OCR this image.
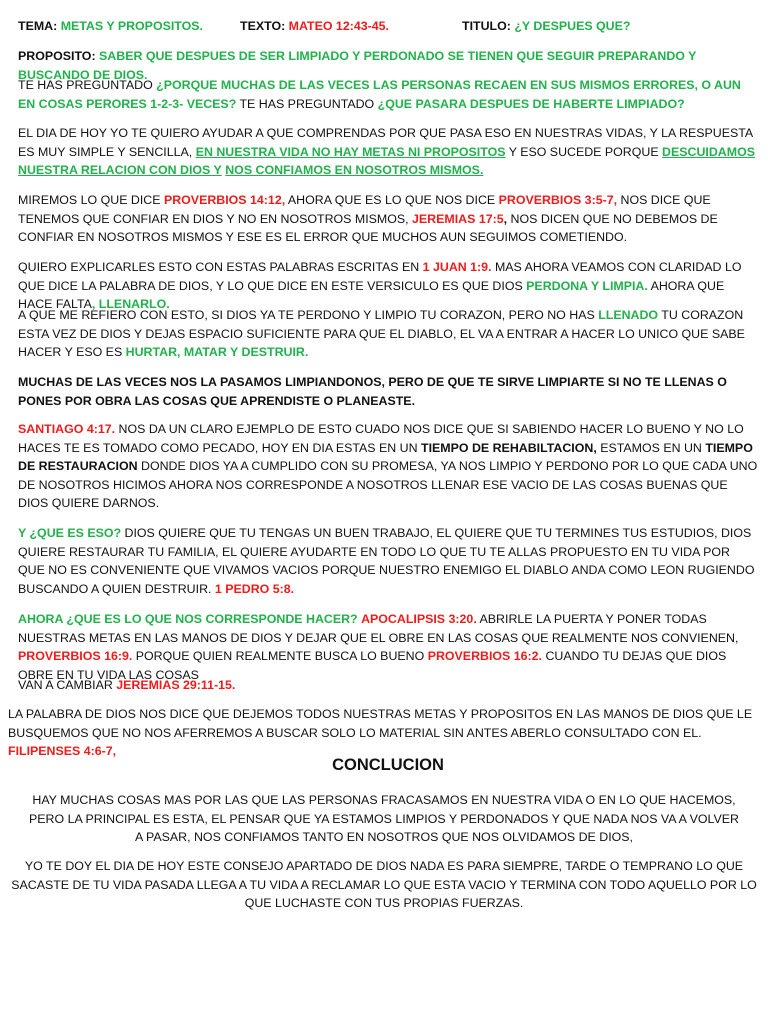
TEMA: METAS Y PROPOSITOS.	TEXTO: MATEO 12:43-45.	TITULO: ¿Y DESPUES QUE?

PROPOSITO: SABER QUE DESPUES DE SER LIMPIADO Y PERDONADO SE TIENEN QUE SEGUIR PREPARANDO Y BUSCANDO DE DIOS.

TE HAS PREGUNTADO ¿PORQUE MUCHAS DE LAS VECES LAS PERSONAS RECAEN EN SUS MISMOS ERRORES, O AUN EN COSAS PERORES 1-2-3- VECES? TE HAS PREGUNTADO ¿QUE PASARA DESPUES DE HABERTE LIMPIADO?

EL DIA DE HOY YO TE QUIERO AYUDAR A QUE COMPRENDAS POR QUE PASA ESO EN NUESTRAS VIDAS, Y LA RESPUESTA ES MUY SIMPLE Y SENCILLA, EN NUESTRA VIDA NO HAY METAS NI PROPOSITOS Y ESO SUCEDE PORQUE DESCUIDAMOS NUESTRA RELACION CON DIOS Y NOS CONFIAMOS EN NOSOTROS MISMOS.

MIREMOS LO QUE DICE PROVERBIOS 14:12, AHORA QUE ES LO QUE NOS DICE PROVERBIOS 3:5-7, NOS DICE QUE TENEMOS QUE CONFIAR EN DIOS Y NO EN NOSOTROS MISMOS, JEREMIAS 17:5, NOS DICEN QUE NO DEBEMOS DE CONFIAR EN NOSOTROS MISMOS Y ESE ES EL ERROR QUE MUCHOS AUN SEGUIMOS COMETIENDO.

QUIERO EXPLICARLES ESTO CON ESTAS PALABRAS ESCRITAS EN 1 JUAN 1:9. MAS AHORA VEAMOS CON CLARIDAD LO QUE DICE LA PALABRA DE DIOS, Y LO QUE DICE EN ESTE VERSICULO ES QUE DIOS PERDONA Y LIMPIA. AHORA QUE HACE FALTA, LLENARLO.

A QUE ME REFIERO CON ESTO, SI DIOS YA TE PERDONO Y LIMPIO TU CORAZON, PERO NO HAS LLENADO TU CORAZON ESTA VEZ DE DIOS Y DEJAS ESPACIO SUFICIENTE PARA QUE EL DIABLO, EL VA A ENTRAR A HACER LO UNICO QUE SABE HACER Y ESO ES HURTAR, MATAR Y DESTRUIR.

MUCHAS DE LAS VECES NOS LA PASAMOS LIMPIANDONOS, PERO DE QUE TE SIRVE LIMPIARTE SI NO TE LLENAS O PONES POR OBRA LAS COSAS QUE APRENDISTE O PLANEASTE.

SANTIAGO 4:17. NOS DA UN CLARO EJEMPLO DE ESTO CUADO NOS DICE QUE SI SABIENDO HACER LO BUENO Y NO LO HACES TE ES TOMADO COMO PECADO, HOY EN DIA ESTAS EN UN TIEMPO DE REHABILTACION, ESTAMOS EN UN TIEMPO DE RESTAURACION DONDE DIOS YA A CUMPLIDO CON SU PROMESA, YA NOS LIMPIO Y PERDONO POR LO QUE CADA UNO DE NOSOTROS HICIMOS AHORA NOS CORRESPONDE A NOSOTROS LLENAR ESE VACIO DE LAS COSAS BUENAS QUE DIOS QUIERE DARNOS.

Y ¿QUE ES ESO? DIOS QUIERE QUE TU TENGAS UN BUEN TRABAJO, EL QUIERE QUE TU TERMINES TUS ESTUDIOS, DIOS QUIERE RESTAURAR TU FAMILIA, EL QUIERE AYUDARTE EN TODO LO QUE TU TE ALLAS PROPUESTO EN TU VIDA POR QUE NO ES CONVENIENTE QUE VIVAMOS VACIOS PORQUE NUESTRO ENEMIGO EL DIABLO ANDA COMO LEON RUGIENDO BUSCANDO A QUIEN DESTRUIR. 1 PEDRO 5:8.

AHORA ¿QUE ES LO QUE NOS CORRESPONDE HACER? APOCALIPSIS 3:20. ABRIRLE LA PUERTA Y PONER TODAS NUESTRAS METAS EN LAS MANOS DE DIOS Y DEJAR QUE EL OBRE EN LAS COSAS QUE REALMENTE NOS CONVIENEN, PROVERBIOS 16:9. PORQUE QUIEN REALMENTE BUSCA LO BUENO PROVERBIOS 16:2. CUANDO TU DEJAS QUE DIOS OBRE EN TU VIDA LAS COSAS

VAN A CAMBIAR JEREMIAS 29:11-15.

LA PALABRA DE DIOS NOS DICE QUE DEJEMOS TODOS NUESTRAS METAS Y PROPOSITOS EN LAS MANOS DE DIOS QUE LE BUSQUEMOS QUE NO NOS AFERREMOS A BUSCAR SOLO LO MATERIAL SIN ANTES ABERLO CONSULTADO CON EL. FILIPENSES 4:6-7,

CONCLUCION

HAY MUCHAS COSAS MAS POR LAS QUE LAS PERSONAS FRACASAMOS EN NUESTRA VIDA O EN LO QUE HACEMOS, PERO LA PRINCIPAL ES ESTA, EL PENSAR QUE YA ESTAMOS LIMPIOS Y PERDONADOS Y QUE NADA NOS VA A VOLVER A PASAR, NOS CONFIAMOS TANTO EN NOSOTROS QUE NOS OLVIDAMOS DE DIOS,

YO TE DOY EL DIA DE HOY ESTE CONSEJO APARTADO DE DIOS NADA ES PARA SIEMPRE, TARDE O TEMPRANO LO QUE SACASTE DE TU VIDA PASADA LLEGA A TU VIDA A RECLAMAR LO QUE ESTA VACIO Y TERMINA CON TODO AQUELLO POR LO QUE LUCHASTE CON TUS PROPIAS FUERZAS.
